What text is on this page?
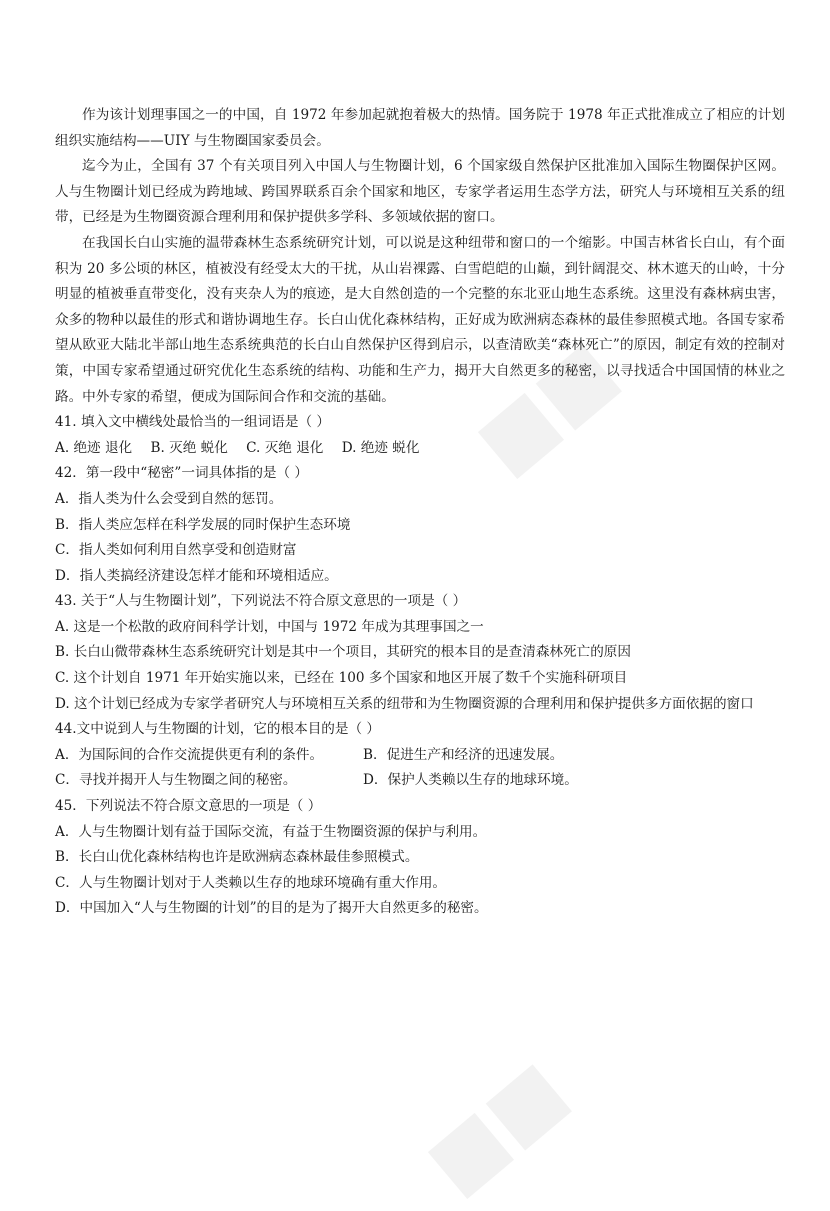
■■
■■

作为该计划理事国之一的中国，自 1972 年参加起就抱着极大的热情。国务院于 1978 年正式批准成立了相应的计划组织实施结构——UIY 与生物圈国家委员会。

迄今为止，全国有 37 个有关项目列入中国人与生物圈计划，6 个国家级自然保护区批准加入国际生物圈保护区网。人与生物圈计划已经成为跨地域、跨国界联系百余个国家和地区，专家学者运用生态学方法，研究人与环境相互关系的纽带，已经是为生物圈资源合理利用和保护提供多学科、多领域依据的窗口。

在我国长白山实施的温带森林生态系统研究计划，可以说是这种纽带和窗口的一个缩影。中国吉林省长白山，有个面积为 20 多公顷的林区，植被没有经受太大的干扰，从山岩裸露、白雪皑皑的山巅，到针阔混交、林木遮天的山岭，十分明显的植被垂直带变化，没有夹杂人为的痕迹，是大自然创造的一个完整的东北亚山地生态系统。这里没有森林病虫害，众多的物种以最佳的形式和谐协调地生存。长白山优化森林结构，正好成为欧洲病态森林的最佳参照模式地。各国专家希望从欧亚大陆北半部山地生态系统典范的长白山自然保护区得到启示，以查清欧美“森林死亡”的原因，制定有效的控制对策，中国专家希望通过研究优化生态系统的结构、功能和生产力，揭开大自然更多的秘密，以寻找适合中国国情的林业之路。中外专家的希望，便成为国际间合作和交流的基础。

41. 填入文中横线处最恰当的一组词语是（ ）

A. 绝迹 退化 B. 灭绝 蜕化 C. 灭绝 退化 D. 绝迹 蜕化

42．第一段中“秘密”一词具体指的是（ ）

A．指人类为什么会受到自然的惩罚。

B．指人类应怎样在科学发展的同时保护生态环境

C．指人类如何利用自然享受和创造财富

D．指人类搞经济建设怎样才能和环境相适应。

43. 关于“人与生物圈计划”，下列说法不符合原文意思的一项是（ ）

A. 这是一个松散的政府间科学计划，中国与 1972 年成为其理事国之一

B. 长白山微带森林生态系统研究计划是其中一个项目，其研究的根本目的是查清森林死亡的原因

C. 这个计划自 1971 年开始实施以来，已经在 100 多个国家和地区开展了数千个实施科研项目

D. 这个计划已经成为专家学者研究人与环境相互关系的纽带和为生物圈资源的合理利用和保护提供多方面依据的窗口

44.文中说到人与生物圈的计划，它的根本目的是（ ）

A．为国际间的合作交流提供更有利的条件。	B．促进生产和经济的迅速发展。
C．寻找并揭开人与生物圈之间的秘密。	D．保护人类赖以生存的地球环境。

45．下列说法不符合原文意思的一项是（ ）

A．人与生物圈计划有益于国际交流，有益于生物圈资源的保护与利用。

B．长白山优化森林结构也许是欧洲病态森林最佳参照模式。

C．人与生物圈计划对于人类赖以生存的地球环境确有重大作用。

D．中国加入“人与生物圈的计划”的目的是为了揭开大自然更多的秘密。
